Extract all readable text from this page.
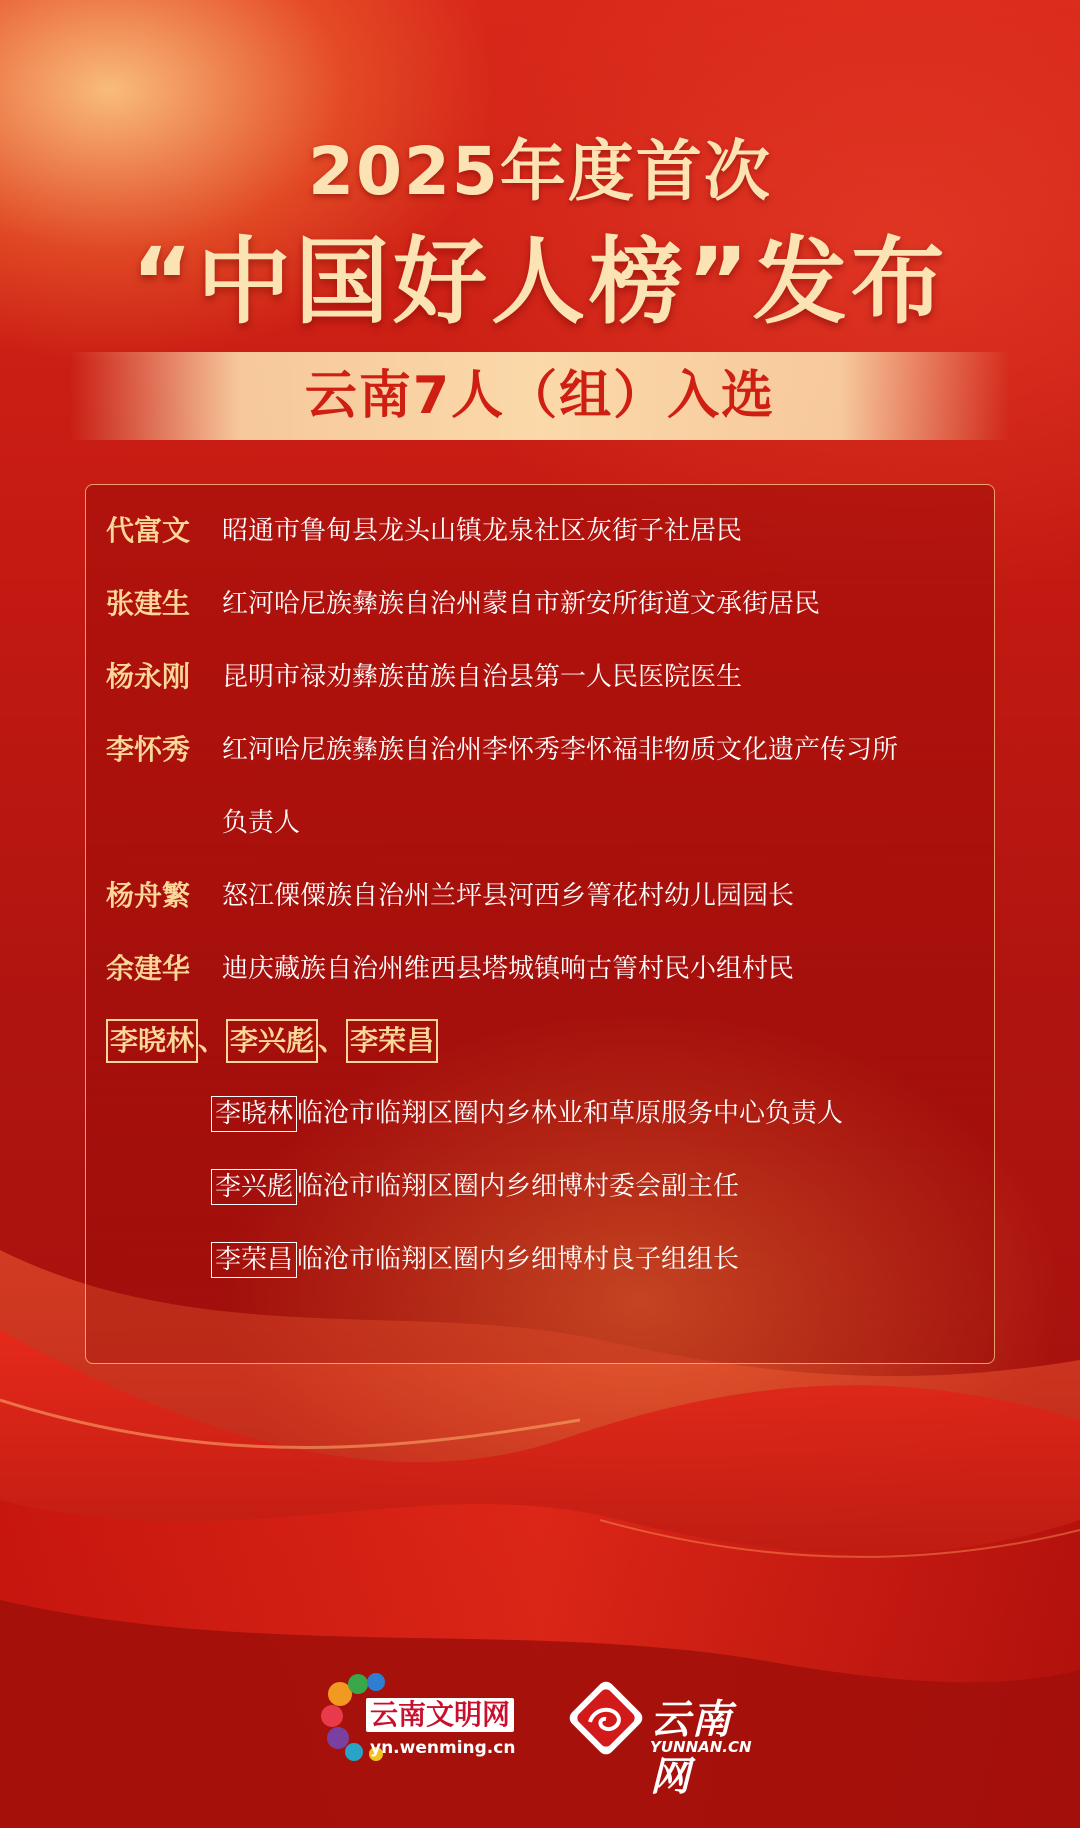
2025年度首次
“中国好人榜”发布
云南7人（组）入选
代富文	昭通市鲁甸县龙头山镇龙泉社区灰街子社居民
张建生	红河哈尼族彝族自治州蒙自市新安所街道文承街居民
杨永刚	昆明市禄劝彝族苗族自治县第一人民医院医生
李怀秀	红河哈尼族彝族自治州李怀秀李怀福非物质文化遗产传习所
负责人
杨舟繁	怒江傈僳族自治州兰坪县河西乡箐花村幼儿园园长
余建华	迪庆藏族自治州维西县塔城镇响古箐村民小组村民
李晓林 、 李兴彪 、 李荣昌
李晓林 临沧市临翔区圈内乡林业和草原服务中心负责人
李兴彪 临沧市临翔区圈内乡细博村委会副主任
李荣昌 临沧市临翔区圈内乡细博村良子组组长
云南文明网
yn.wenming.cn
云南网
YUNNAN.CN
